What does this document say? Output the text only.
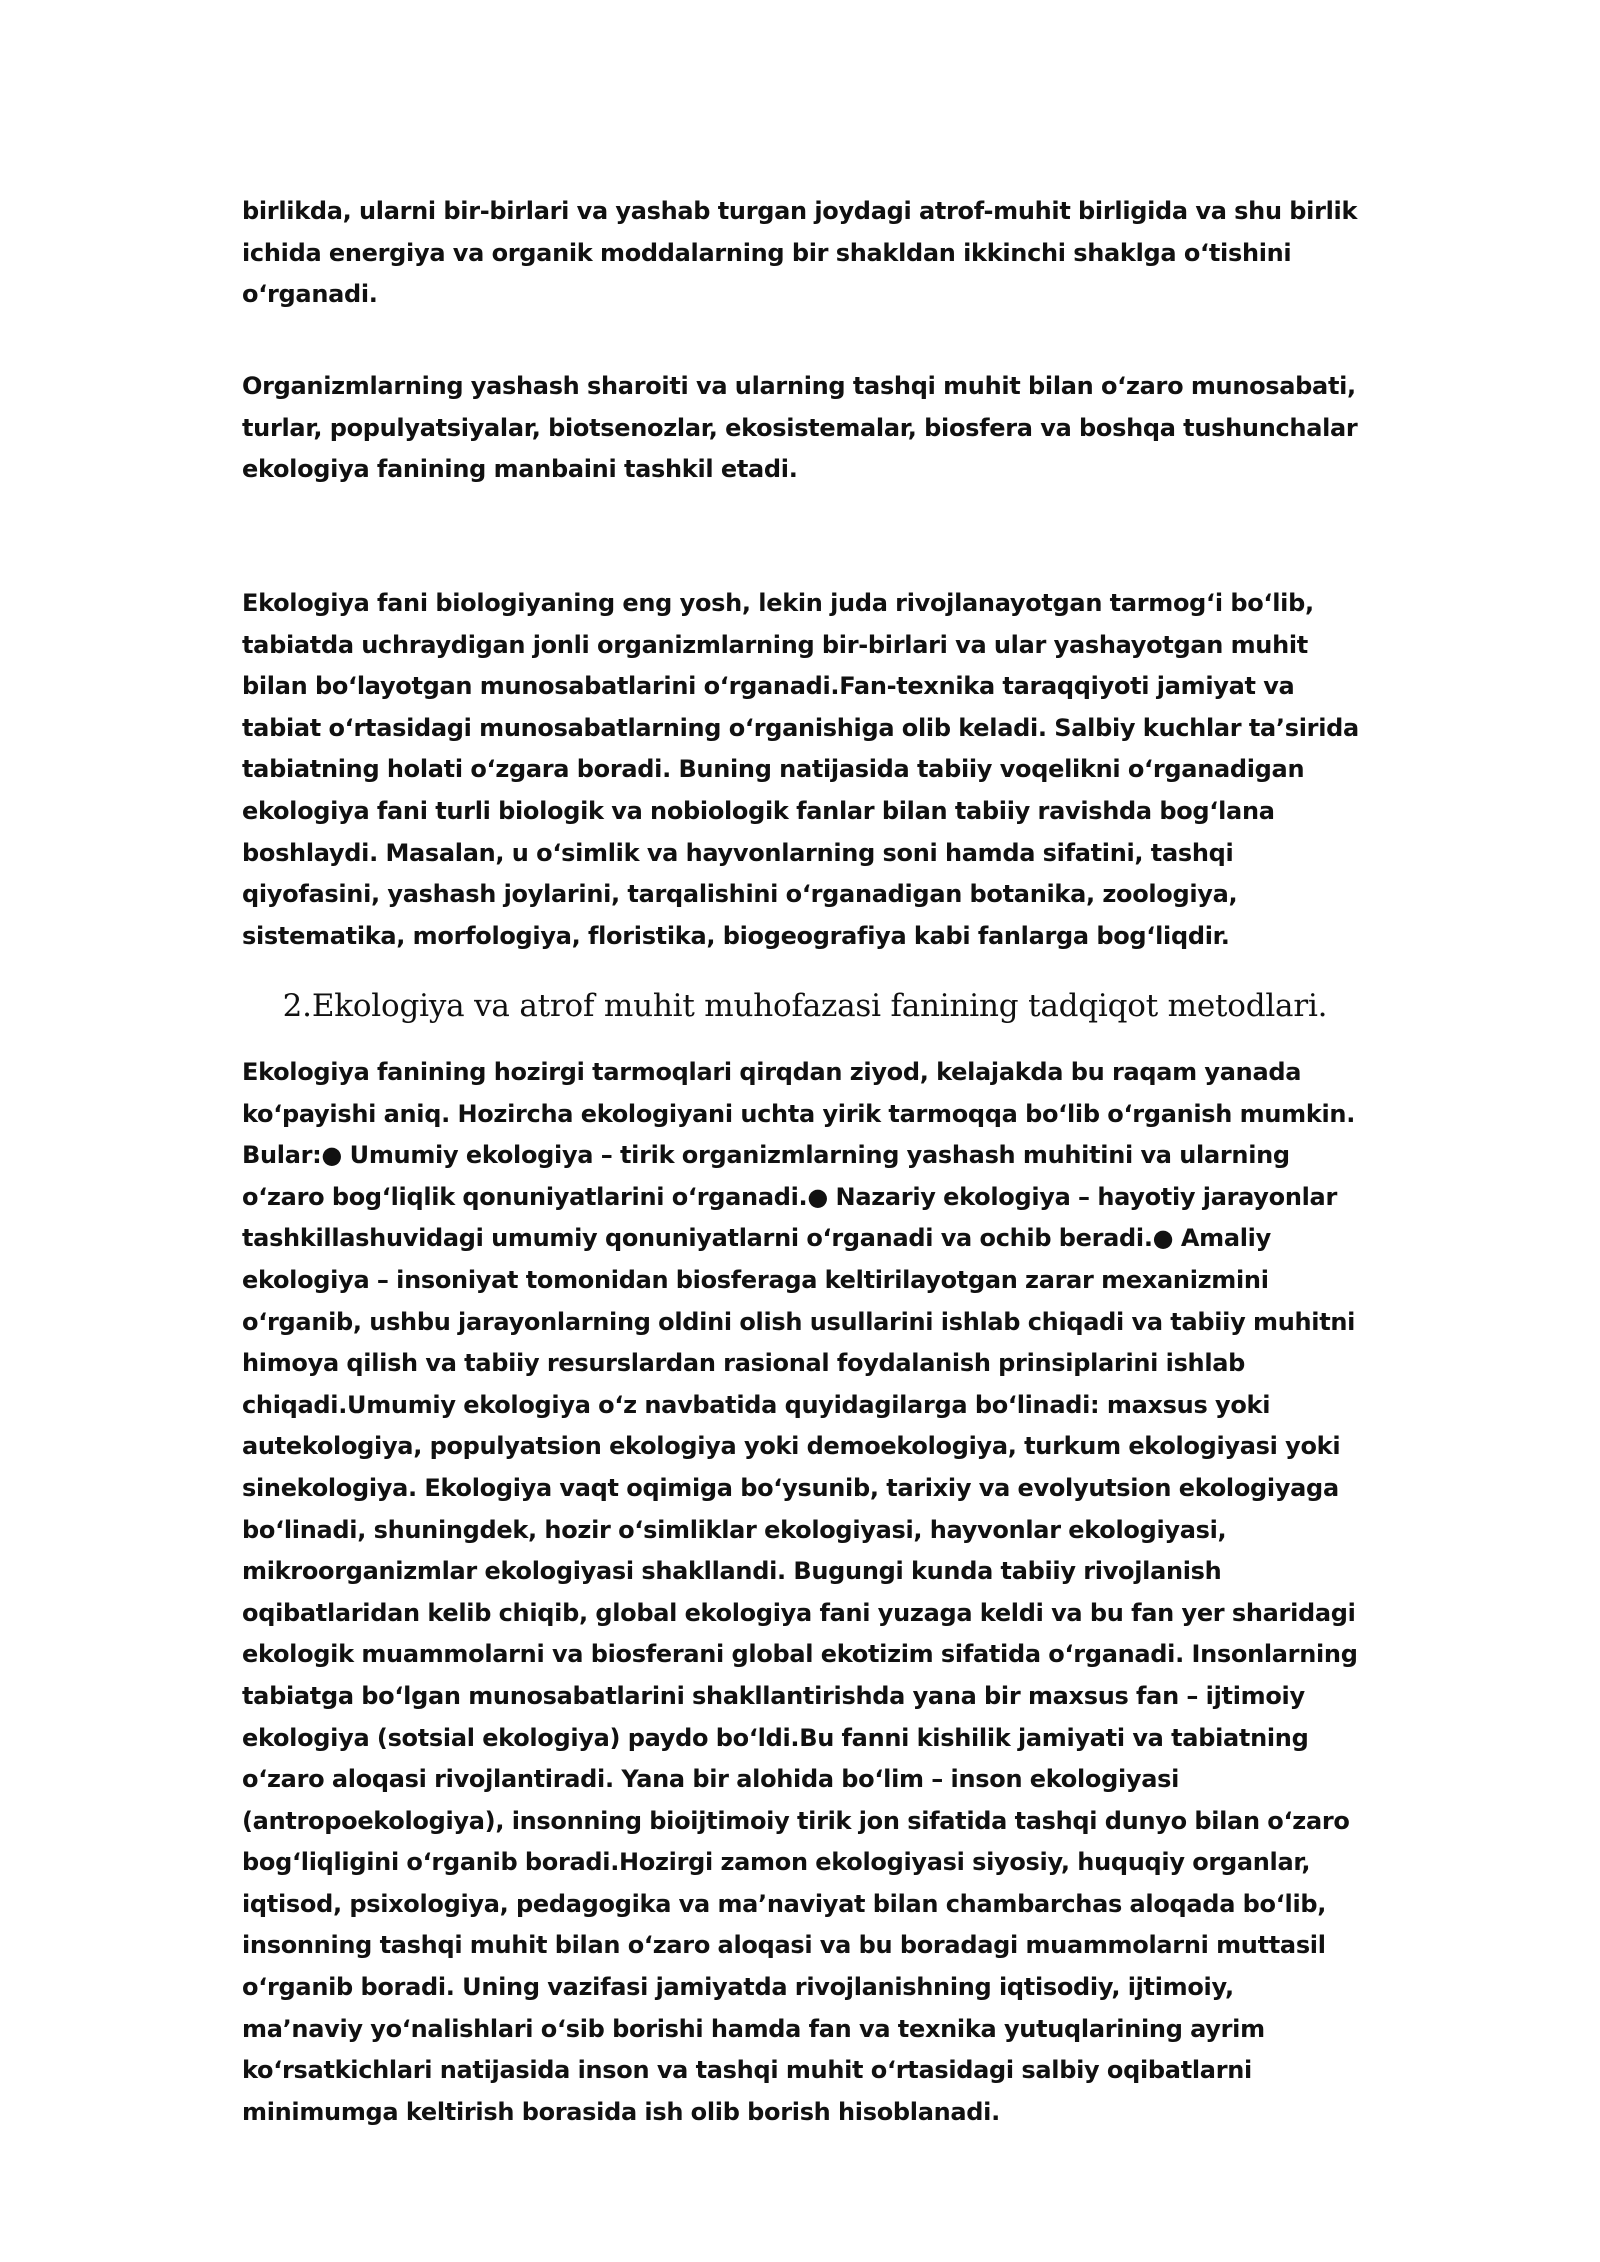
birlikda, ularni bir-birlari va yashab turgan joydagi atrof-muhit birligida va shu birlik ichida energiya va organik moddalarning bir shakldan ikkinchi shaklga oʻtishini oʻrganadi.

Organizmlarning yashash sharoiti va ularning tashqi muhit bilan oʻzaro munosabati, turlar, populyatsiyalar, biotsenozlar, ekosistemalar, biosfera va boshqa tushunchalar ekologiya fanining manbaini tashkil etadi.

Ekologiya fani biologiyaning eng yosh, lekin juda rivojlanayotgan tarmogʻi boʻlib, tabiatda uchraydigan jonli organizmlarning bir-birlari va ular yashayotgan muhit bilan boʻlayotgan munosabatlarini oʻrganadi.Fan-texnika taraqqiyoti jamiyat va tabiat oʻrtasidagi munosabatlarning oʻrganishiga olib keladi. Salbiy kuchlar ta’sirida tabiatning holati oʻzgara boradi. Buning natijasida tabiiy voqelikni oʻrganadigan ekologiya fani turli biologik va nobiologik fanlar bilan tabiiy ravishda bogʻlana boshlaydi. Masalan, u oʻsimlik va hayvonlarning soni hamda sifatini, tashqi qiyofasini, yashash joylarini, tarqalishini oʻrganadigan botanika, zoologiya, sistematika, morfologiya, floristika, biogeografiya kabi fanlarga bogʻliqdir.

2.Ekologiya va atrof muhit muhofazasi fanining tadqiqot metodlari.

Ekologiya fanining hozirgi tarmoqlari qirqdan ziyod, kelajakda bu raqam yanada koʻpayishi aniq. Hozircha ekologiyani uchta yirik tarmoqqa boʻlib oʻrganish mumkin. Bular:● Umumiy ekologiya – tirik organizmlarning yashash muhitini va ularning oʻzaro bogʻliqlik qonuniyatlarini oʻrganadi.● Nazariy ekologiya – hayotiy jarayonlar tashkillashuvidagi umumiy qonuniyatlarni oʻrganadi va ochib beradi.● Amaliy ekologiya – insoniyat tomonidan biosferaga keltirilayotgan zarar mexanizmini oʻrganib, ushbu jarayonlarning oldini olish usullarini ishlab chiqadi va tabiiy muhitni himoya qilish va tabiiy resurslardan rasional foydalanish prinsiplarini ishlab chiqadi.Umumiy ekologiya oʻz navbatida quyidagilarga boʻlinadi: maxsus yoki autekologiya, populyatsion ekologiya yoki demoekologiya, turkum ekologiyasi yoki sinekologiya. Ekologiya vaqt oqimiga boʻysunib, tarixiy va evolyutsion ekologiyaga boʻlinadi, shuningdek, hozir oʻsimliklar ekologiyasi, hayvonlar ekologiyasi, mikroorganizmlar ekologiyasi shakllandi. Bugungi kunda tabiiy rivojlanish oqibatlaridan kelib chiqib, global ekologiya fani yuzaga keldi va bu fan yer sharidagi ekologik muammolarni va biosferani global ekotizim sifatida oʻrganadi. Insonlarning tabiatga boʻlgan munosabatlarini shakllantirishda yana bir maxsus fan – ijtimoiy ekologiya (sotsial ekologiya) paydo boʻldi.Bu fanni kishilik jamiyati va tabiatning oʻzaro aloqasi rivojlantiradi. Yana bir alohida boʻlim – inson ekologiyasi (antropoekologiya), insonning bioijtimoiy tirik jon sifatida tashqi dunyo bilan oʻzaro bogʻliqligini oʻrganib boradi.Hozirgi zamon ekologiyasi siyosiy, huquqiy organlar, iqtisod, psixologiya, pedagogika va ma’naviyat bilan chambarchas aloqada boʻlib, insonning tashqi muhit bilan oʻzaro aloqasi va bu boradagi muammolarni muttasil oʻrganib boradi. Uning vazifasi jamiyatda rivojlanishning iqtisodiy, ijtimoiy, ma’naviy yoʻnalishlari oʻsib borishi hamda fan va texnika yutuqlarining ayrim koʻrsatkichlari natijasida inson va tashqi muhit oʻrtasidagi salbiy oqibatlarni minimumga keltirish borasida ish olib borish hisoblanadi.
